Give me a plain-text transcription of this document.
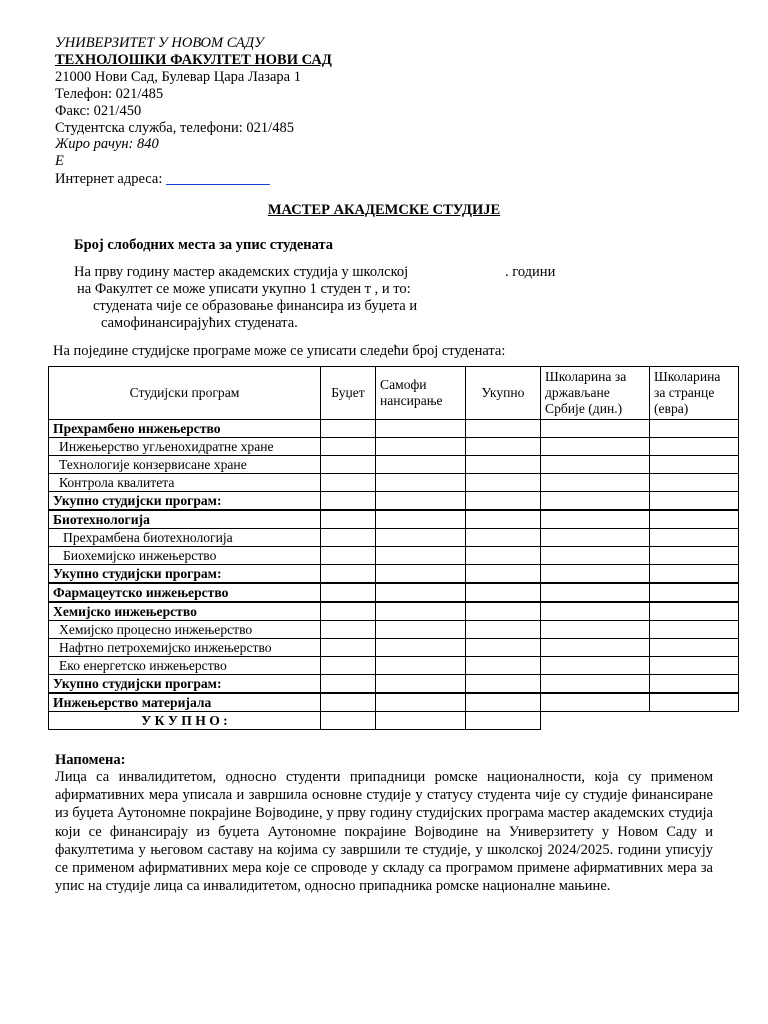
УНИВЕРЗИТЕТ У НОВОМ САДУ
ТЕХНОЛОШКИ ФАКУЛТЕТ НОВИ САД
21000 Нови Сад, Булевар Цара Лазара 1
Телефон: 021/485
Факс: 021/450
Студентска служба, телефони: 021/485
Жиро рачун: 840
Е
Интернет адреса:
МАСТЕР АКАДЕМСКЕ СТУДИЈЕ
Број слободних места за упис студената
На прву годину мастер академских студија у школској	. години
на Факултет се може уписати укупно 1 студен т , и то:
студената чије се образовање финансира из буџета и
самофинансирајућих студената.
На поједине студијске програме може се уписати следећи број студената:
Студијски програм	Буџет	Самофи нансирање	Укупно	Школарина за држављане Србије (дин.)	Школарина за странце (евра)
Прехрамбено инжењерство					
Инжењерство угљенохидратне хране					
Технологије конзервисане хране					
Контрола квалитета					
Укупно студијски програм:					
Биотехнологија					
Прехрамбена биотехнологија					
Биохемијско инжењерство					
Укупно студијски програм:					
Фармацеутско инжењерство					
Хемијско инжењерство					
Хемијско процесно инжењерство					
Нафтно петрохемијско инжењерство					
Еко енергетско инжењерство					
Укупно студијски програм:					
Инжењерство материјала					
У К У П Н О :					
Напомена:
Лица са инвалидитетом, односно студенти припадници ромске националности, која су применом афирмативних мера уписала и завршила основне студије у статусу студента чије су студије финансиране из буџета Аутономне покрајине Војводине, у прву годину студијских програма мастер академских студија који се финансирају из буџета Аутономне покрајине Војводине на Универзитету у Новом Саду и факултетима у његовом саставу на којима су завршили те студије, у школској 2024/2025. години уписују се применом афирмативних мера које се спроводе у складу са програмом примене афирмативних мера за упис на студије лица са инвалидитетом, односно припадника ромске националне мањине.
